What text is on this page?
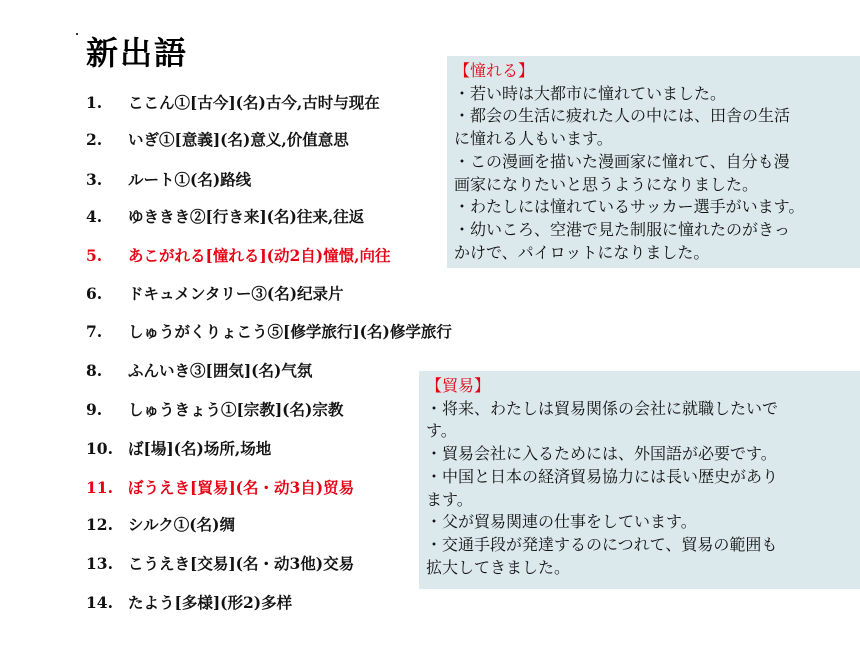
新出語
1. ここん①[古今](名)古今,古时与现在
2. いぎ①[意義](名)意义,价值意思
3. ルート①(名)路线
4. ゆききき②[行き来](名)往来,往返
5. あこがれる[憧れる](动2自)憧憬,向往
6. ドキュメンタリー③(名)纪录片
7. しゅうがくりょこう⑤[修学旅行](名)修学旅行
8. ふんいき③[囲気](名)气氛
9. しゅうきょう①[宗教](名)宗教
10. ば[場](名)场所,场地
11. ぼうえき[貿易](名・动3自)贸易
12. シルク①(名)绸
13. こうえき[交易](名・动3他)交易
14. たよう[多様](形2)多样

【憧れる】

・若い時は大都市に憧れていました。

・都会の生活に疲れた人の中には、田舎の生活

に憧れる人もいます。

・この漫画を描いた漫画家に憧れて、自分も漫

画家になりたいと思うようになりました。

・わたしには憧れているサッカー選手がいます。

・幼いころ、空港で見た制服に憧れたのがきっ

かけで、パイロットになりました。

【貿易】

・将来、わたしは貿易関係の会社に就職したいで

す。

・貿易会社に入るためには、外国語が必要です。

・中国と日本の経済貿易協力には長い歴史があり

ます。

・父が貿易関連の仕事をしています。

・交通手段が発達するのにつれて、貿易の範囲も

拡大してきました。
